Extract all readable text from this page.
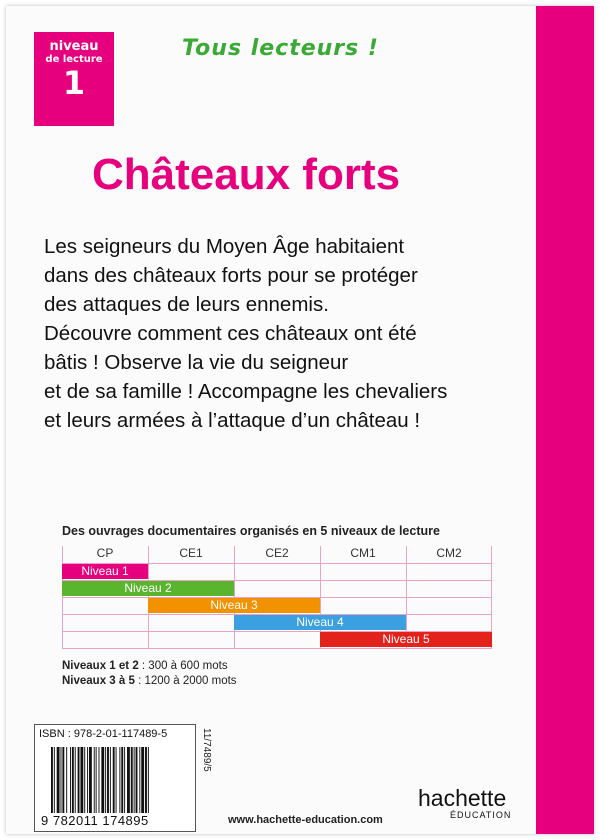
niveau
de lecture
1
Tous lecteurs !
Châteaux forts
Les seigneurs du Moyen Âge habitaient
dans des châteaux forts pour se protéger
des attaques de leurs ennemis.
Découvre comment ces châteaux ont été
bâtis ! Observe la vie du seigneur
et de sa famille ! Accompagne les chevaliers
et leurs armées à l’attaque d’un château !
Des ouvrages documentaires organisés en 5 niveaux de lecture
CP	CE1	CE2	CM1	CM2
Niveau 1
Niveau 2
Niveau 3
Niveau 4
Niveau 5
Niveaux 1 et 2 : 300 à 600 mots
Niveaux 3 à 5 : 1200 à 2000 mots
ISBN : 978-2-01-117489-5
9 782011 174895
11/7489/5
www.hachette-education.com
hachette
ÉDUCATION
